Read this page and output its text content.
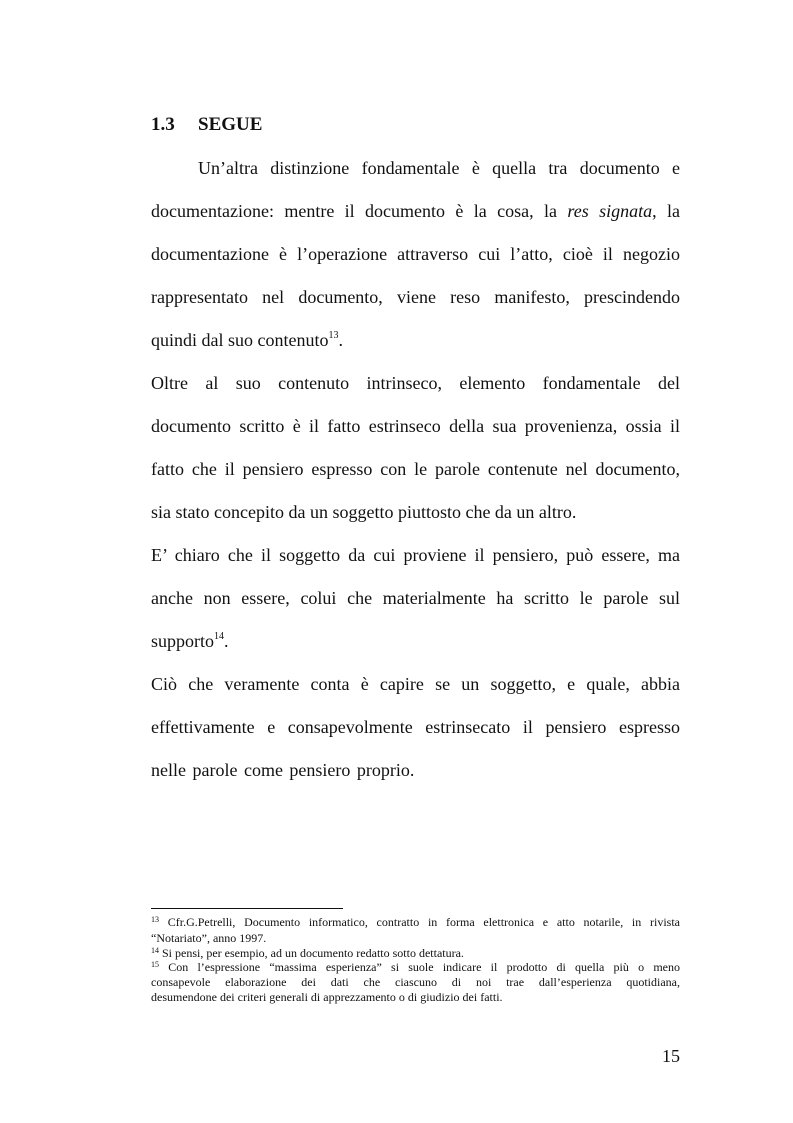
1.3 SEGUE
Un’altra distinzione fondamentale è quella tra documento e
documentazione: mentre il documento è la cosa, la res signata, la
documentazione è l’operazione attraverso cui l’atto, cioè il negozio
rappresentato nel documento, viene reso manifesto, prescindendo
quindi dal suo contenuto$^{13}$.
Oltre al suo contenuto intrinseco, elemento fondamentale del
documento scritto è il fatto estrinseco della sua provenienza, ossia il
fatto che il pensiero espresso con le parole contenute nel documento,
sia stato concepito da un soggetto piuttosto che da un altro.
E’ chiaro che il soggetto da cui proviene il pensiero, può essere, ma
anche non essere, colui che materialmente ha scritto le parole sul
supporto$^{14}$.
Ciò che veramente conta è capire se un soggetto, e quale, abbia
effettivamente e consapevolmente estrinsecato il pensiero espresso
nelle parole come pensiero proprio.
$^{13}$ Cfr.G.Petrelli, Documento informatico, contratto in forma elettronica e atto notarile, in rivista
“Notariato”, anno 1997.
$^{14}$ Si pensi, per esempio, ad un documento redatto sotto dettatura.
$^{15}$ Con l’espressione “massima esperienza” si suole indicare il prodotto di quella più o meno
consapevole elaborazione dei dati che ciascuno di noi trae dall’esperienza quotidiana,
desumendone dei criteri generali di apprezzamento o di giudizio dei fatti.
15
